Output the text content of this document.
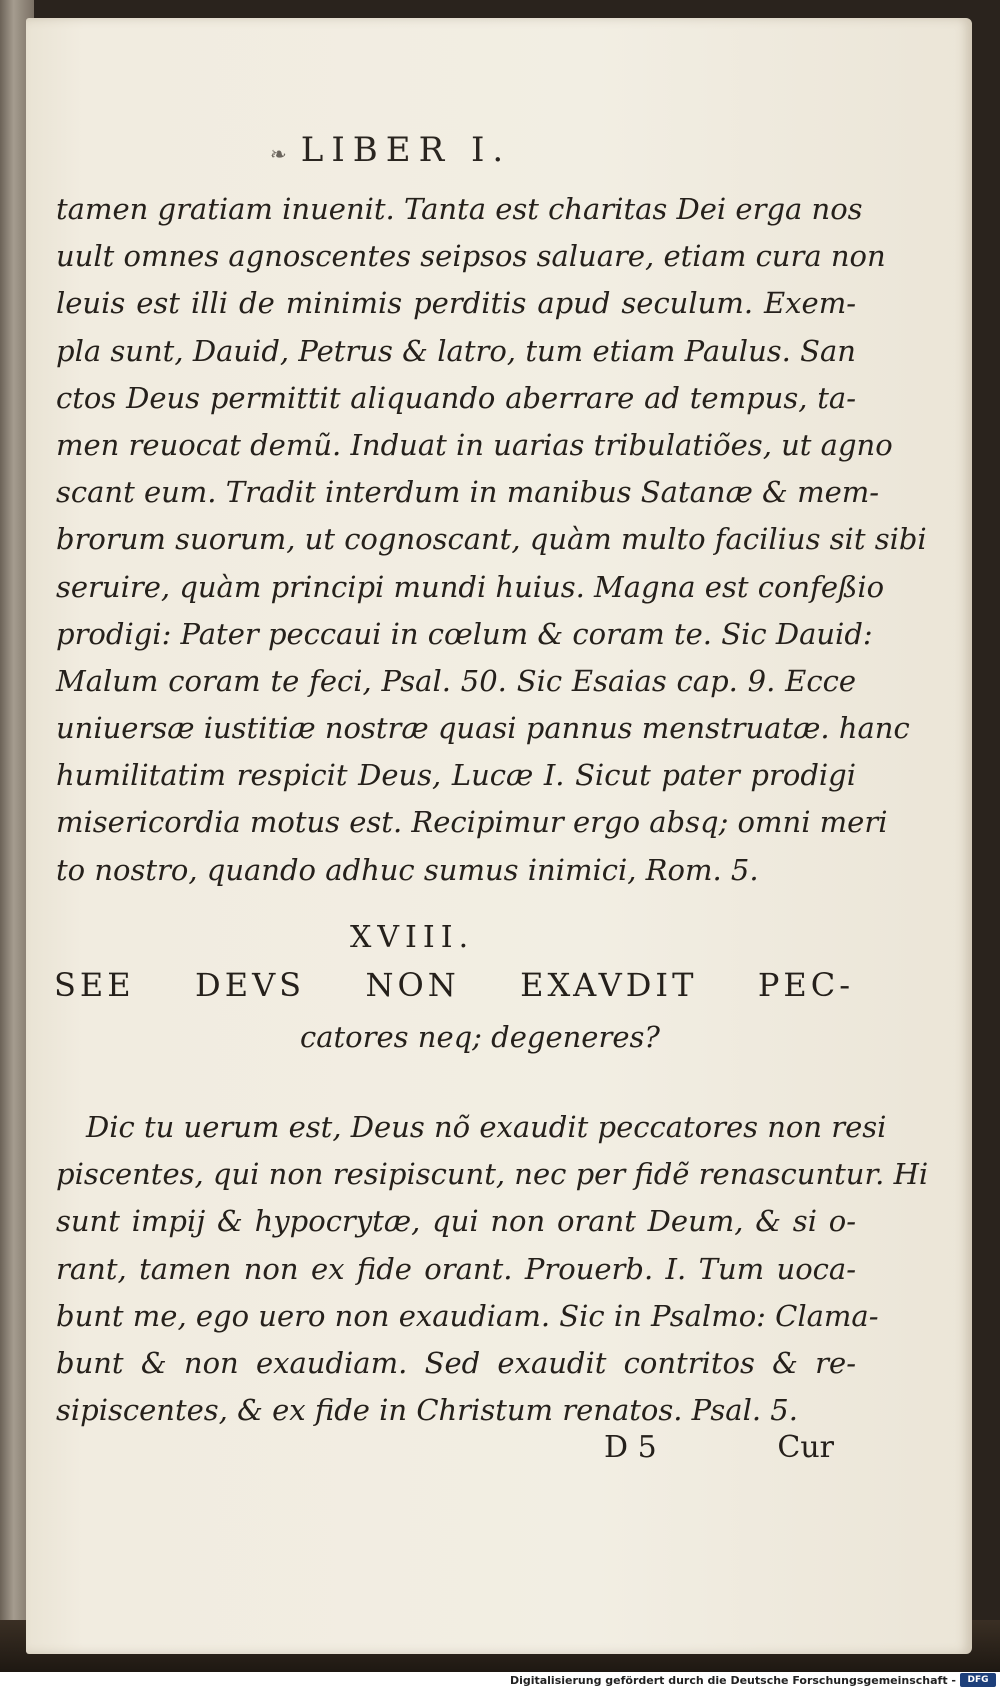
❧ LIBER I.
tamen gratiam inuenit. Tanta est charitas Dei erga nos
uult omnes agnoscentes seipsos saluare, etiam cura non
leuis est illi de minimis perditis apud seculum. Exem-
pla sunt, Dauid, Petrus & latro, tum etiam Paulus. San
ctos Deus permittit aliquando aberrare ad tempus, ta-
men reuocat demũ. Induat in uarias tribulatiões, ut agno
scant eum. Tradit interdum in manibus Satanæ & mem-
brorum suorum, ut cognoscant, quàm multo facilius sit sibi
seruire, quàm principi mundi huius. Magna est confeßio
prodigi: Pater peccaui in cœlum & coram te. Sic Dauid:
Malum coram te feci, Psal. 50. Sic Esaias cap. 9. Ecce
uniuersæ iustitiæ nostræ quasi pannus menstruatæ. hanc
humilitatim respicit Deus, Lucæ I. Sicut pater prodigi
misericordia motus est. Recipimur ergo absq; omni meri
to nostro, quando adhuc sumus inimici, Rom. 5.
XVIII.
SEE DEVS NON EXAVDIT PEC-
catores neq; degeneres?
Dic tu uerum est, Deus nõ exaudit peccatores non resi
piscentes, qui non resipiscunt, nec per fidẽ renascuntur. Hi
sunt impij & hypocrytæ, qui non orant Deum, & si o-
rant, tamen non ex fide orant. Prouerb. I. Tum uoca-
bunt me, ego uero non exaudiam. Sic in Psalmo: Clama-
bunt & non exaudiam. Sed exaudit contritos & re-
sipiscentes, & ex fide in Christum renatos. Psal. 5.
D 5	Cur
Digitalisierung gefördert durch die Deutsche Forschungsgemeinschaft -	DFG
